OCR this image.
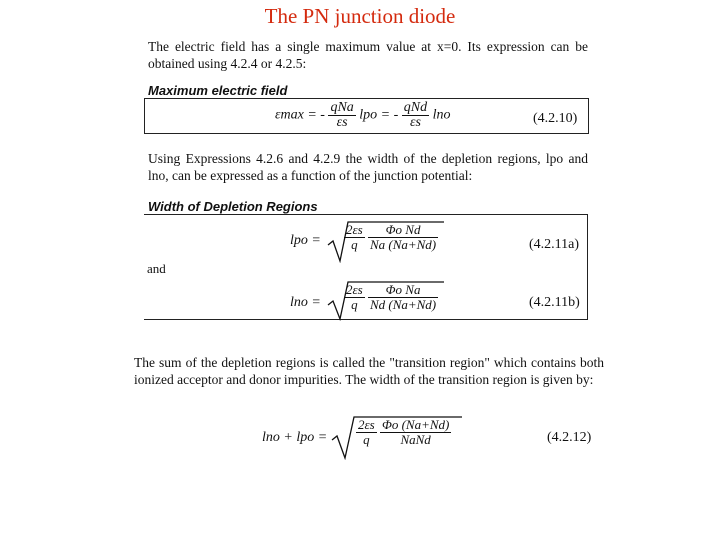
The PN junction diode
The electric field has a single maximum value at x=0. Its expression can be obtained using 4.2.4 or 4.2.5:
Maximum electric field
εmax = - $\frac{\text{qNa}}{\varepsilon s}$ lpo = - $\frac{\text{qNd}}{\varepsilon s}$ lno	(4.2.10)
Using Expressions 4.2.6 and 4.2.9 the width of the depletion regions, lpo and lno, can be expressed as a function of the junction potential:
Width of Depletion Regions
lpo = $\frac{2\varepsilon s}{q}$
$\frac{\text{Φo Nd}}{Na (Na+Nd)}$	(4.2.11a)
and
$\ln o = \frac{2\varepsilon s}{q}$
$\frac{\text{Φo Na}}{Nd (Na+Nd)}$	(4.2.11b)
The sum of the depletion regions is called the "transition region" which contains both ionized acceptor and donor impurities. The width of the transition region is given by:
lno + lpo = $\frac{2\varepsilon s}{q}$
$\frac{\Phi o (Na+Nd)}{\text{NaNd}}$	(4.2.12)
